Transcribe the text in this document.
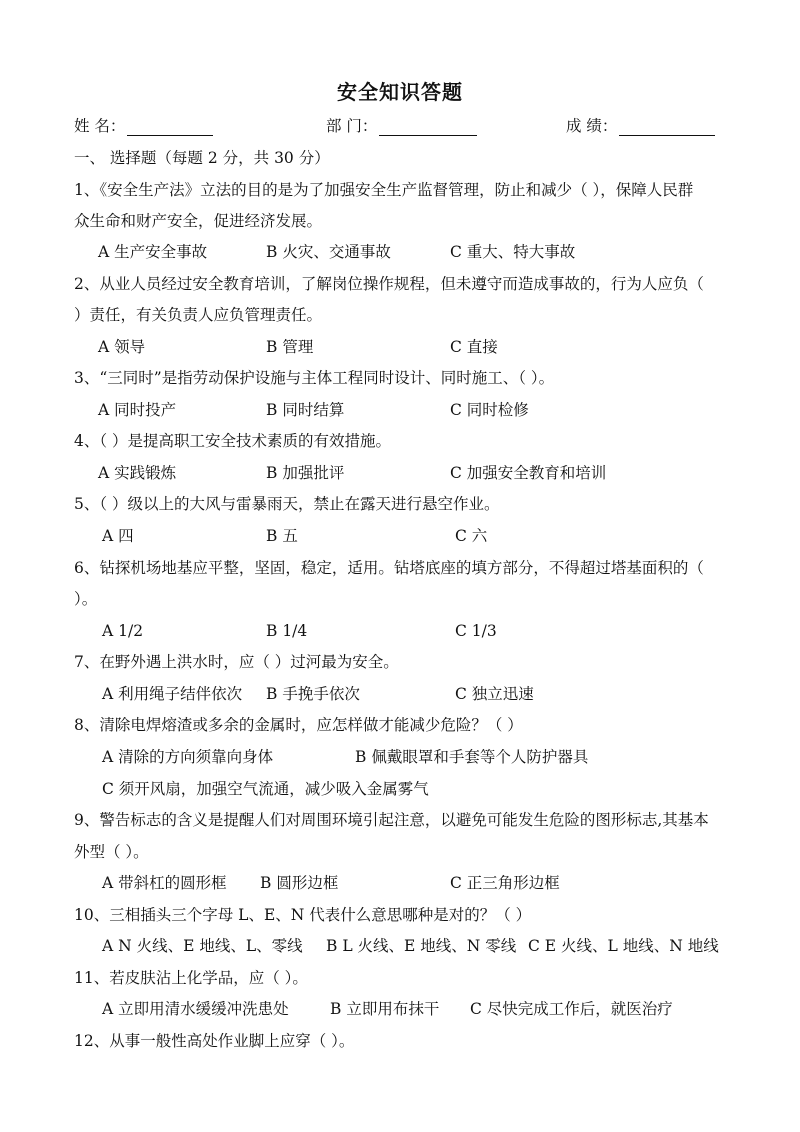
安全知识答题
姓 名：	部 门：	成 绩：
一、 选择题（每题 2 分，共 30 分）
1、《安全生产法》立法的目的是为了加强安全生产监督管理，防止和减少（ ），保障人民群
众生命和财产安全，促进经济发展。
A 生产安全事故	B 火灾、交通事故	C 重大、特大事故
2、从业人员经过安全教育培训，了解岗位操作规程，但未遵守而造成事故的，行为人应负（
）责任，有关负责人应负管理责任。
A 领导	B 管理	C 直接
3、“三同时”是指劳动保护设施与主体工程同时设计、同时施工、（ ）。
A 同时投产	B 同时结算	C 同时检修
4、（ ）是提高职工安全技术素质的有效措施。
A 实践锻炼	B 加强批评	C 加强安全教育和培训
5、（ ）级以上的大风与雷暴雨天，禁止在露天进行悬空作业。
A 四	B 五	C 六
6、钻探机场地基应平整，坚固，稳定，适用。钻塔底座的填方部分，不得超过塔基面积的（
）。
A 1/2	B 1/4	C 1/3
7、在野外遇上洪水时，应（ ）过河最为安全。
A 利用绳子结伴依次 B 手挽手依次	C 独立迅速
8、清除电焊熔渣或多余的金属时，应怎样做才能减少危险？（ ）
A 清除的方向须靠向身体	B 佩戴眼罩和手套等个人防护器具
C 须开风扇，加强空气流通，减少吸入金属雾气
9、警告标志的含义是提醒人们对周围环境引起注意，以避免可能发生危险的图形标志,其基本
外型（ ）。
A 带斜杠的圆形框 B 圆形边框	C 正三角形边框
10、三相插头三个字母 L、E、N 代表什么意思哪种是对的？（ ）
A N 火线、E 地线、L、零线 B L 火线、E 地线、N 零线 C E 火线、L 地线、N 地线
11、若皮肤沾上化学品，应（ ）。
A 立即用清水缓缓冲洗患处	B 立即用布抹干 C 尽快完成工作后，就医治疗
12、从事一般性高处作业脚上应穿（ ）。
